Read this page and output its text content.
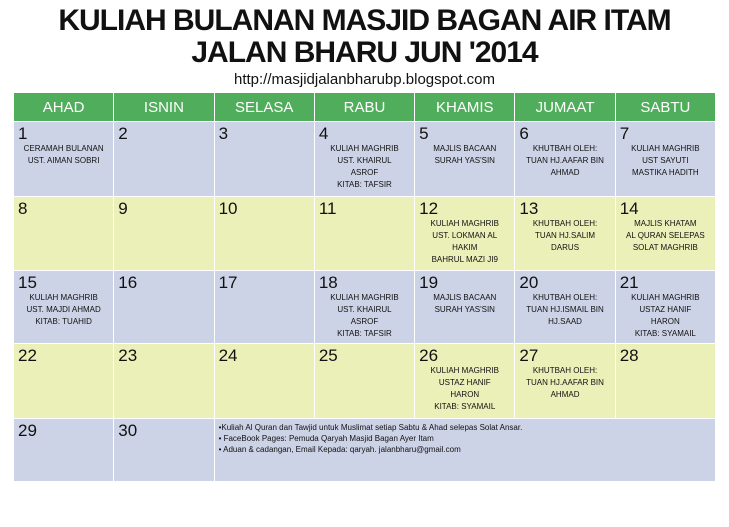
KULIAH BULANAN MASJID BAGAN AIR ITAM
JALAN BHARU JUN '2014
http://masjidjalanbharubp.blogspot.com
AHAD	ISNIN	SELASA	RABU	KHAMIS	JUMAAT	SABTU

1
CERAMAH BULANAN
UST. AIMAN SOBRI	2	3	4
KULIAH MAGHRIB
UST. KHAIRUL
ASROF
KITAB: TAFSIR	5
MAJLIS BACAAN
SURAH YAS'SIN	6
KHUTBAH OLEH:
TUAN HJ.AAFAR BIN
AHMAD	7
KULIAH MAGHRIB
UST SAYUTI
MASTIKA HADITH

8	9	10	11	12
KULIAH MAGHRIB
UST. LOKMAN AL
HAKIM
BAHRUL MAZI JI9	13
KHUTBAH OLEH:
TUAN HJ.SALIM
DARUS	14
MAJLIS KHATAM
AL QURAN SELEPAS
SOLAT MAGHRIB

15
KULIAH MAGHRIB
UST. MAJDI AHMAD
KITAB: TUAHID	16	17	18
KULIAH MAGHRIB
UST. KHAIRUL
ASROF
KITAB: TAFSIR	19
MAJLIS BACAAN
SURAH YAS'SIN	20
KHUTBAH OLEH:
TUAN HJ.ISMAIL BIN
HJ.SAAD	21
KULIAH MAGHRIB
USTAZ HANIF
HARON
KITAB: SYAMAIL

22	23	24	25	26
KULIAH MAGHRIB
USTAZ HANIF
HARON
KITAB: SYAMAIL	27
KHUTBAH OLEH:
TUAN HJ.AAFAR BIN
AHMAD	28

29	30	•Kuliah Al Quran dan Tawjid untuk Muslimat setiap Sabtu & Ahad selepas Solat Ansar.
• FaceBook Pages: Pemuda Qaryah Masjid Bagan Ayer Itam
• Aduan & cadangan, Email Kepada: qaryah. jalanbharu@gmail.com				
